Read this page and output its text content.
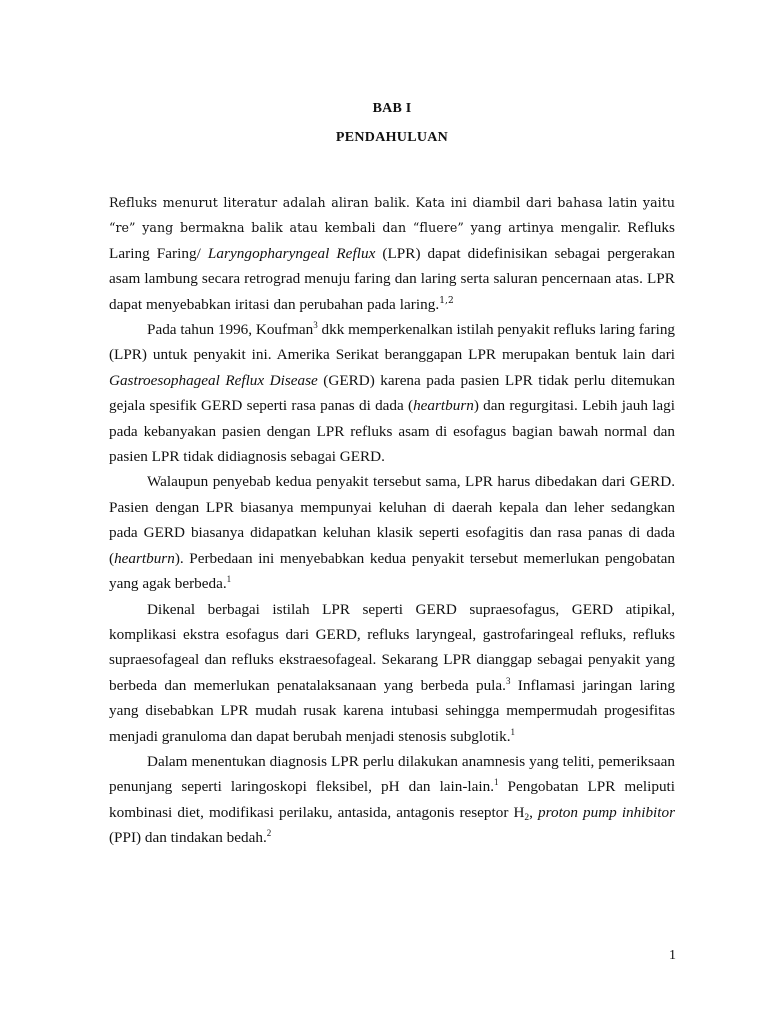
BAB I
PENDAHULUAN

Refluks menurut literatur adalah aliran balik. Kata ini diambil dari bahasa latin yaitu “re” yang bermakna balik atau kembali dan “fluere” yang artinya mengalir. Refluks Laring Faring/ Laryngopharyngeal Reflux (LPR) dapat didefinisikan sebagai pergerakan asam lambung secara retrograd menuju faring dan laring serta saluran pencernaan atas. LPR dapat menyebabkan iritasi dan perubahan pada laring.$^{1,2}$

Pada tahun 1996, Koufman$^3$ dkk memperkenalkan istilah penyakit refluks laring faring (LPR) untuk penyakit ini. Amerika Serikat beranggapan LPR merupakan bentuk lain dari Gastroesophageal Reflux Disease (GERD) karena pada pasien LPR tidak perlu ditemukan gejala spesifik GERD seperti rasa panas di dada (heartburn) dan regurgitasi. Lebih jauh lagi pada kebanyakan pasien dengan LPR refluks asam di esofagus bagian bawah normal dan pasien LPR tidak didiagnosis sebagai GERD.

Walaupun penyebab kedua penyakit tersebut sama, LPR harus dibedakan dari GERD. Pasien dengan LPR biasanya mempunyai keluhan di daerah kepala dan leher sedangkan pada GERD biasanya didapatkan keluhan klasik seperti esofagitis dan rasa panas di dada (heartburn). Perbedaan ini menyebabkan kedua penyakit tersebut memerlukan pengobatan yang agak berbeda.$^1$

Dikenal berbagai istilah LPR seperti GERD supraesofagus, GERD atipikal, komplikasi ekstra esofagus dari GERD, refluks laryngeal, gastrofaringeal refluks, refluks supraesofageal dan refluks ekstraesofageal. Sekarang LPR dianggap sebagai penyakit yang berbeda dan memerlukan penatalaksanaan yang berbeda pula.$^3$ Inflamasi jaringan laring yang disebabkan LPR mudah rusak karena intubasi sehingga mempermudah progesifitas menjadi granuloma dan dapat berubah menjadi stenosis subglotik.$^1$

Dalam menentukan diagnosis LPR perlu dilakukan anamnesis yang teliti, pemeriksaan penunjang seperti laringoskopi fleksibel, pH dan lain-lain.$^1$ Pengobatan LPR meliputi kombinasi diet, modifikasi perilaku, antasida, antagonis reseptor $H_2$, proton pump inhibitor (PPI) dan tindakan bedah.$^2$

1
